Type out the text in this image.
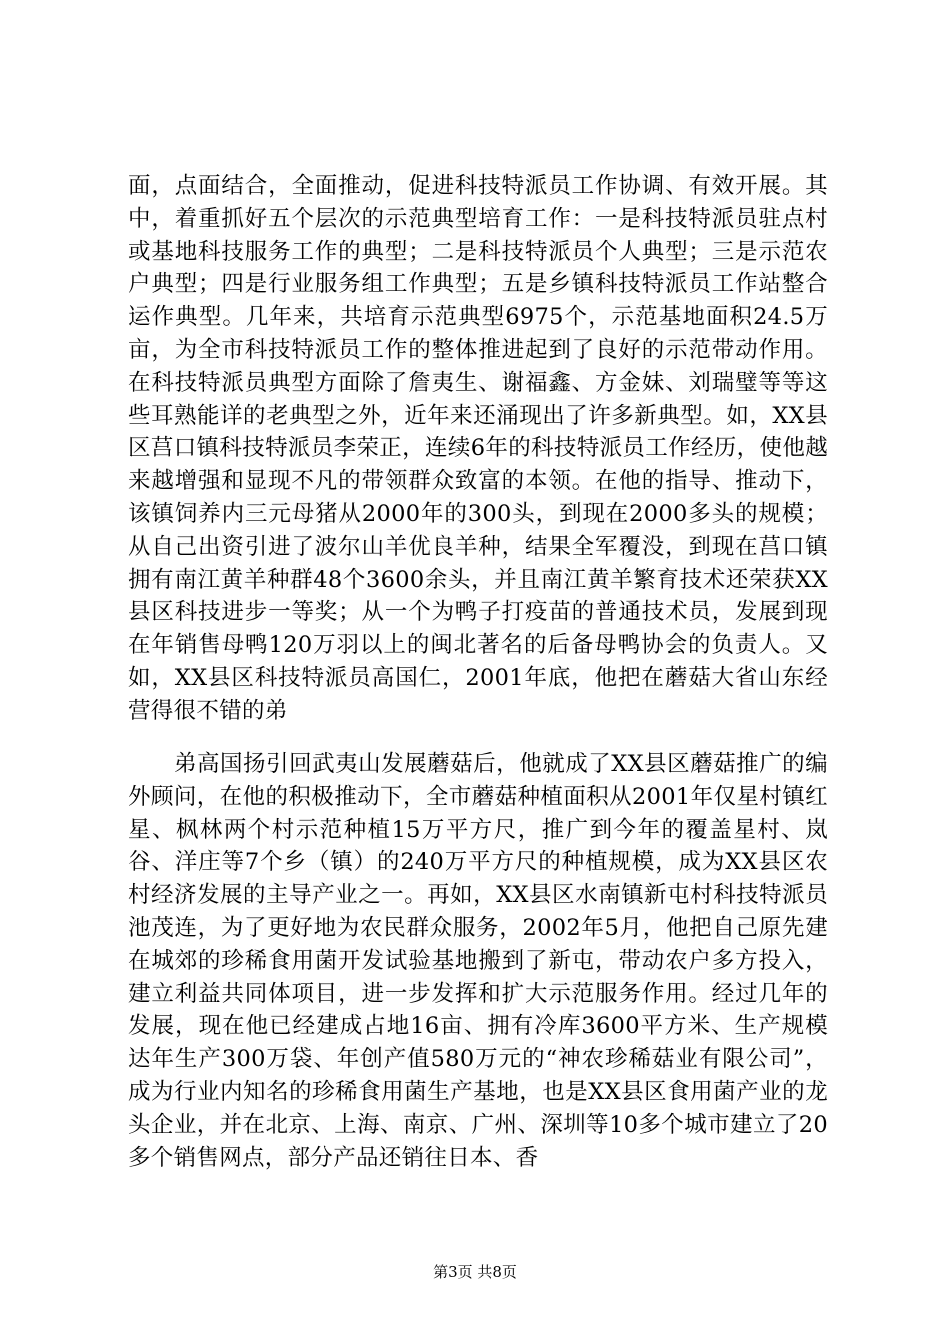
面，点面结合，全面推动，促进科技特派员工作协调、有效开展。其中，着重抓好五个层次的示范典型培育工作：一是科技特派员驻点村或基地科技服务工作的典型；二是科技特派员个人典型；三是示范农户典型；四是行业服务组工作典型；五是乡镇科技特派员工作站整合运作典型。几年来，共培育示范典型6975个，示范基地面积24.5万亩，为全市科技特派员工作的整体推进起到了良好的示范带动作用。在科技特派员典型方面除了詹夷生、谢福鑫、方金妹、刘瑞璧等等这些耳熟能详的老典型之外，近年来还涌现出了许多新典型。如，XX县区莒口镇科技特派员李荣正，连续6年的科技特派员工作经历，使他越来越增强和显现不凡的带领群众致富的本领。在他的指导、推动下，该镇饲养内三元母猪从2000年的300头，到现在2000多头的规模；从自己出资引进了波尔山羊优良羊种，结果全军覆没，到现在莒口镇拥有南江黄羊种群48个3600余头，并且南江黄羊繁育技术还荣获XX县区科技进步一等奖；从一个为鸭子打疫苗的普通技术员，发展到现在年销售母鸭120万羽以上的闽北著名的后备母鸭协会的负责人。又如，XX县区科技特派员高国仁，2001年底，他把在蘑菇大省山东经营得很不错的弟

弟高国扬引回武夷山发展蘑菇后，他就成了XX县区蘑菇推广的编外顾问，在他的积极推动下，全市蘑菇种植面积从2001年仅星村镇红星、枫林两个村示范种植15万平方尺，推广到今年的覆盖星村、岚谷、洋庄等7个乡（镇）的240万平方尺的种植规模，成为XX县区农村经济发展的主导产业之一。再如，XX县区水南镇新屯村科技特派员池茂连，为了更好地为农民群众服务，2002年5月，他把自己原先建在城郊的珍稀食用菌开发试验基地搬到了新屯，带动农户多方投入，建立利益共同体项目，进一步发挥和扩大示范服务作用。经过几年的发展，现在他已经建成占地16亩、拥有冷库3600平方米、生产规模达年生产300万袋、年创产值580万元的“神农珍稀菇业有限公司”，成为行业内知名的珍稀食用菌生产基地，也是XX县区食用菌产业的龙头企业，并在北京、上海、南京、广州、深圳等10多个城市建立了20多个销售网点，部分产品还销往日本、香

第3页 共8页
